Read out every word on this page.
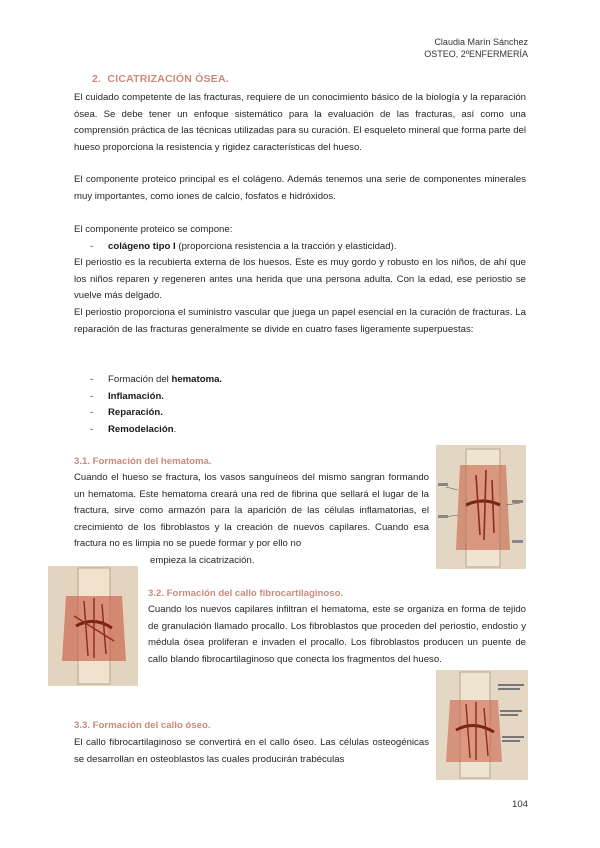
Claudia Marín Sánchez
OSTEO, 2ºENFERMERÍA
2. CICATRIZACIÓN ÓSEA.
El cuidado competente de las fracturas, requiere de un conocimiento básico de la biología y la reparación ósea. Se debe tener un enfoque sistemático para la evaluación de las fracturas, así como una comprensión práctica de las técnicas utilizadas para su curación. El esqueleto mineral que forma parte del hueso proporciona la resistencia y rigidez características del hueso.
El componente proteico principal es el colágeno. Además tenemos una serie de componentes minerales muy importantes, como iones de calcio, fosfatos e hidróxidos.
El componente proteico se compone:
- colágeno tipo I (proporciona resistencia a la tracción y elasticidad).
El periostio es la recubierta externa de los huesos. Este es muy gordo y robusto en los niños, de ahí que los niños reparen y regeneren antes una herida que una persona adulta. Con la edad, ese periostio se vuelve más delgado.
El periostio proporciona el suministro vascular que juega un papel esencial en la curación de fracturas. La reparación de las fracturas generalmente se divide en cuatro fases ligeramente superpuestas:
- Formación del hematoma.
- Inflamación.
- Reparación.
- Remodelación.
3.1. Formación del hematoma.
Cuando el hueso se fractura, los vasos sanguíneos del mismo sangran formando un hematoma. Este hematoma creará una red de fibrina que sellará el lugar de la fractura, sirve como armazón para la aparición de las células inflamatorias, el crecimiento de los fibroblastos y la creación de nuevos capilares. Cuando esa fractura no es limpia no se puede formar y por ello no
empieza la cicatrización.
3.2. Formación del callo fibrocartilaginoso.
Cuando los nuevos capilares infiltran el hematoma, este se organiza en forma de tejido de granulación llamado procallo. Los fibroblastos que proceden del periostio, endostio y médula ósea proliferan e invaden el procallo. Los fibroblastos producen un puente de callo blando fibrocartilaginoso que conecta los fragmentos del hueso.
3.3. Formación del callo óseo.
El callo fibrocartilaginoso se convertirá en el callo óseo. Las células osteogénicas se desarrollan en osteoblastos las cuales producirán trabéculas
104
